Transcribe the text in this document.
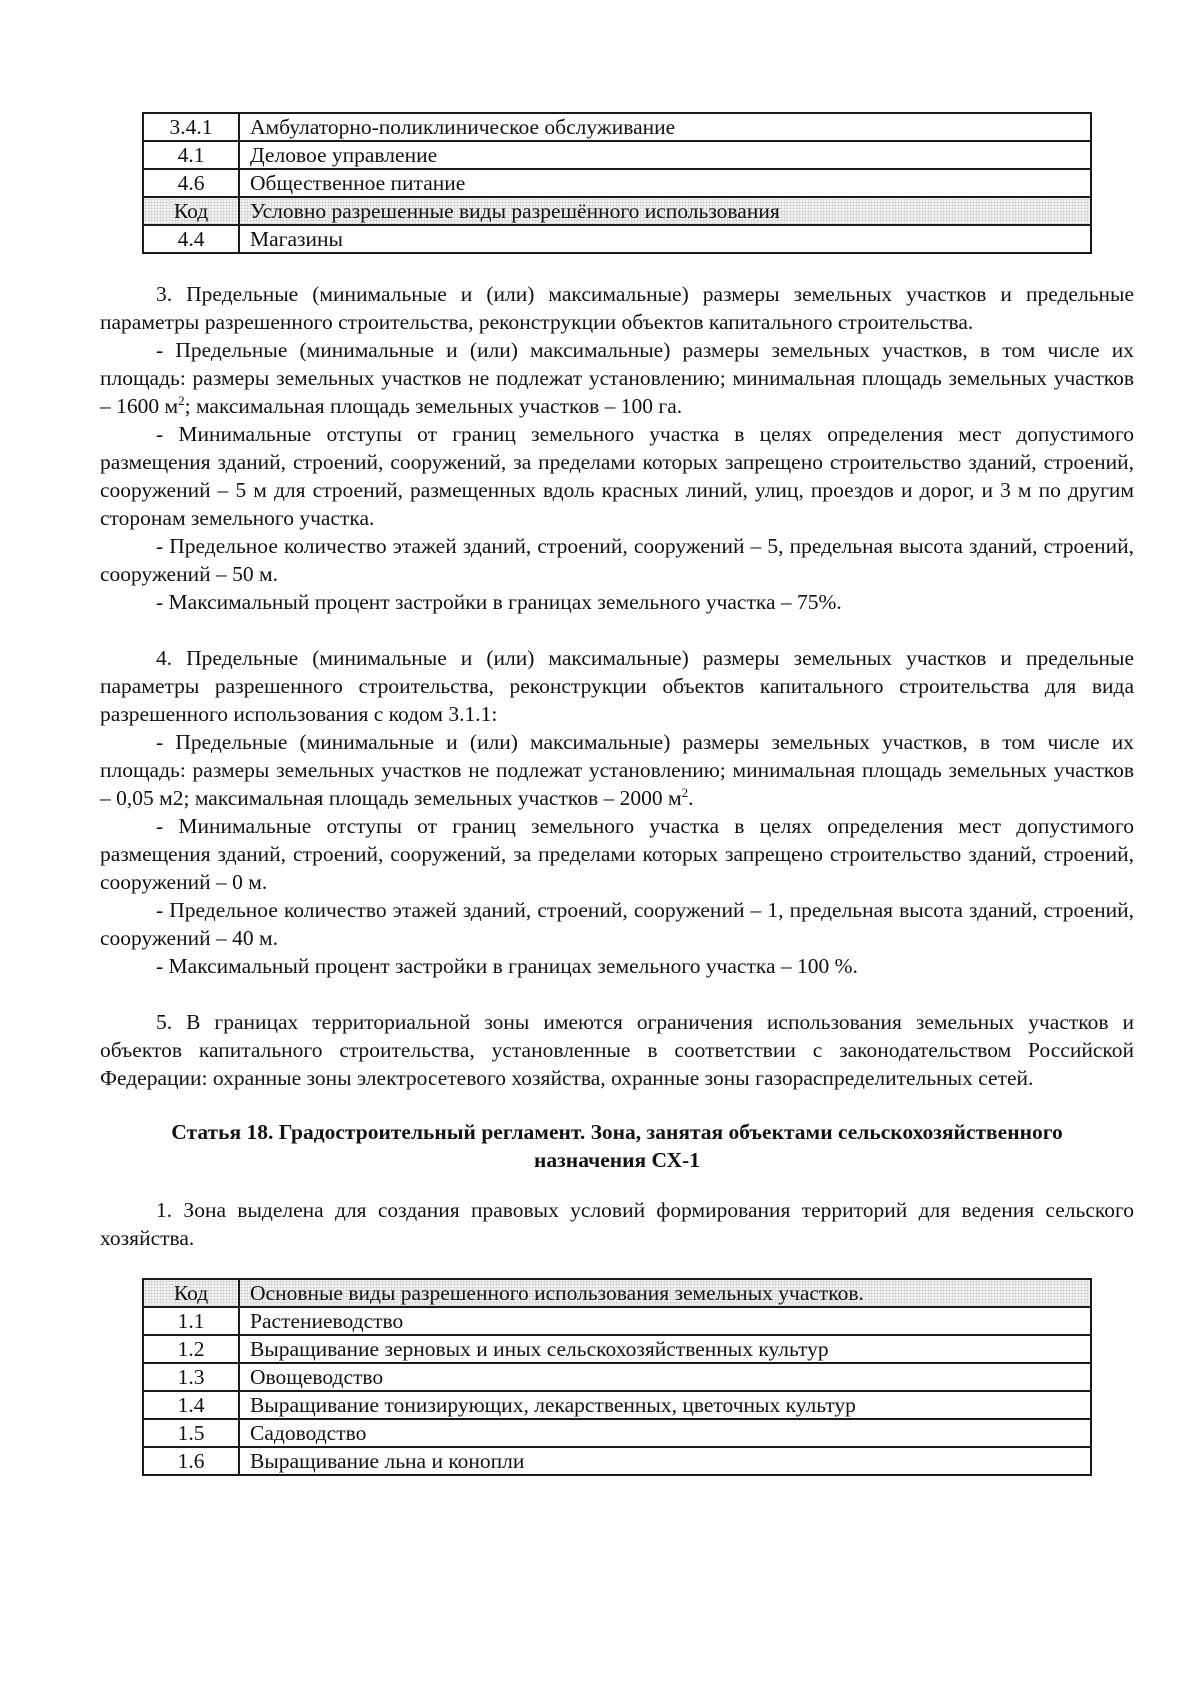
3.4.1	Амбулаторно-поликлиническое обслуживание
4.1	Деловое управление
4.6	Общественное питание
Код	Условно разрешенные виды разрешённого использования
4.4	Магазины

3. Предельные (минимальные и (или) максимальные) размеры земельных участков и предельные параметры разрешенного строительства, реконструкции объектов капитального строительства.

- Предельные (минимальные и (или) максимальные) размеры земельных участков, в том числе их площадь: размеры земельных участков не подлежат установлению; минимальная площадь земельных участков – 1600 $м^2$; максимальная площадь земельных участков – 100 га.

- Минимальные отступы от границ земельного участка в целях определения мест допустимого размещения зданий, строений, сооружений, за пределами которых запрещено строительство зданий, строений, сооружений – 5 м для строений, размещенных вдоль красных линий, улиц, проездов и дорог, и 3 м по другим сторонам земельного участка.

- Предельное количество этажей зданий, строений, сооружений – 5, предельная высота зданий, строений, сооружений – 50 м.

- Максимальный процент застройки в границах земельного участка – 75%.

4. Предельные (минимальные и (или) максимальные) размеры земельных участков и предельные параметры разрешенного строительства, реконструкции объектов капитального строительства для вида разрешенного использования с кодом 3.1.1:

- Предельные (минимальные и (или) максимальные) размеры земельных участков, в том числе их площадь: размеры земельных участков не подлежат установлению; минимальная площадь земельных участков – 0,05 м2; максимальная площадь земельных участков – 2000 $м^2$.

- Минимальные отступы от границ земельного участка в целях определения мест допустимого размещения зданий, строений, сооружений, за пределами которых запрещено строительство зданий, строений, сооружений – 0 м.

- Предельное количество этажей зданий, строений, сооружений – 1, предельная высота зданий, строений, сооружений – 40 м.

- Максимальный процент застройки в границах земельного участка – 100 %.

5. В границах территориальной зоны имеются ограничения использования земельных участков и объектов капитального строительства, установленные в соответствии с законодательством Российской Федерации: охранные зоны электросетевого хозяйства, охранные зоны газораспределительных сетей.

Статья 18. Градостроительный регламент. Зона, занятая объектами сельскохозяйственного
назначения СХ-1

1. Зона выделена для создания правовых условий формирования территорий для ведения сельского хозяйства.

Код	Основные виды разрешенного использования земельных участков.
1.1	Растениеводство
1.2	Выращивание зерновых и иных сельскохозяйственных культур
1.3	Овощеводство
1.4	Выращивание тонизирующих, лекарственных, цветочных культур
1.5	Садоводство
1.6	Выращивание льна и конопли
